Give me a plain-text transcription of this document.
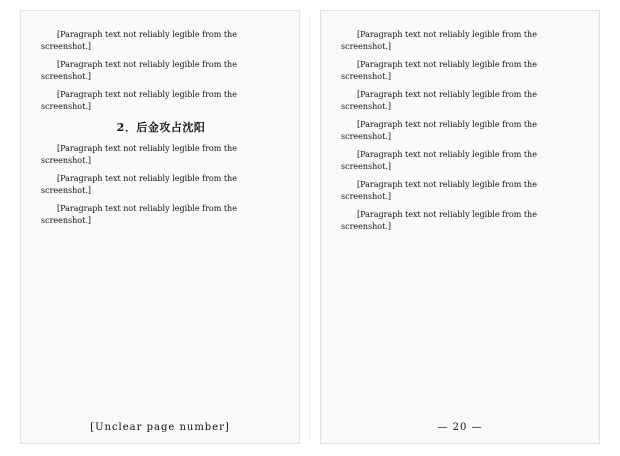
[Paragraph text not reliably legible from the screenshot.]

[Paragraph text not reliably legible from the screenshot.]

[Paragraph text not reliably legible from the screenshot.]

2．后金攻占沈阳

[Paragraph text not reliably legible from the screenshot.]

[Paragraph text not reliably legible from the screenshot.]

[Paragraph text not reliably legible from the screenshot.]

[Unclear page number]

[Paragraph text not reliably legible from the screenshot.]

[Paragraph text not reliably legible from the screenshot.]

[Paragraph text not reliably legible from the screenshot.]

[Paragraph text not reliably legible from the screenshot.]

[Paragraph text not reliably legible from the screenshot.]

[Paragraph text not reliably legible from the screenshot.]

[Paragraph text not reliably legible from the screenshot.]

— 20 —
